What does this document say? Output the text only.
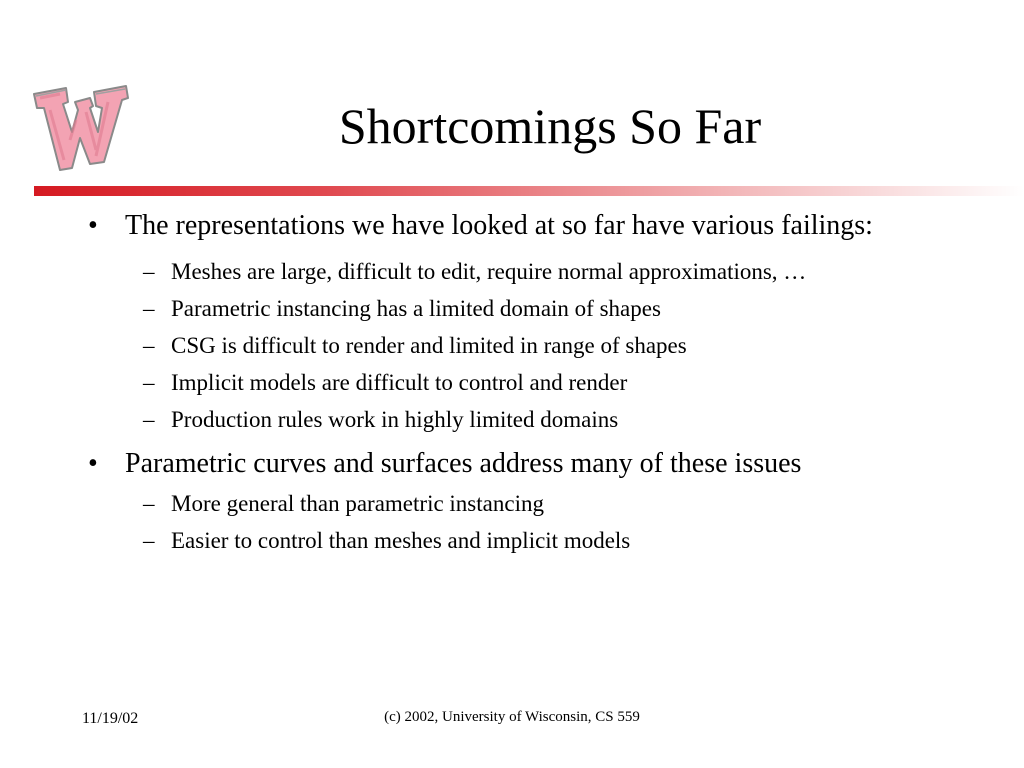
Shortcomings So Far
• The representations we have looked at so far have various failings:
– Meshes are large, difficult to edit, require normal approximations, …
– Parametric instancing has a limited domain of shapes
– CSG is difficult to render and limited in range of shapes
– Implicit models are difficult to control and render
– Production rules work in highly limited domains
• Parametric curves and surfaces address many of these issues
– More general than parametric instancing
– Easier to control than meshes and implicit models
11/19/02	(c) 2002, University of Wisconsin, CS 559
